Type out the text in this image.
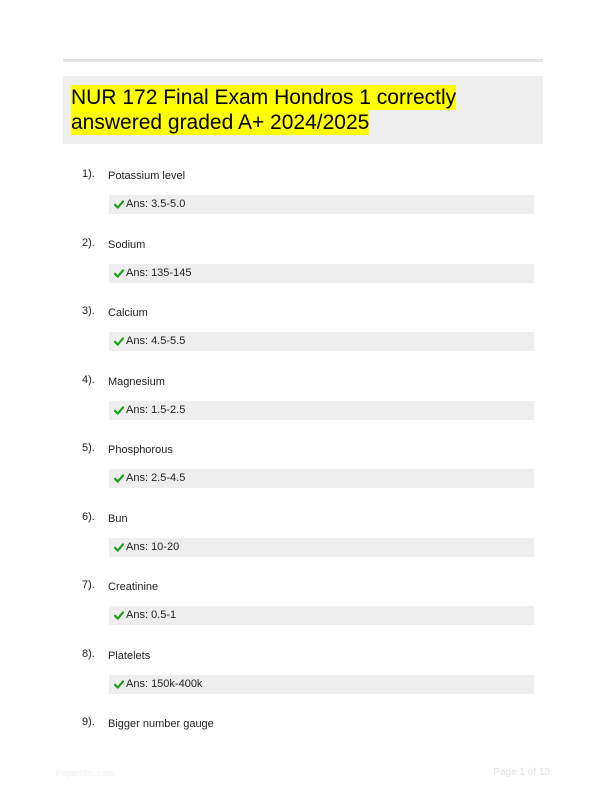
NUR 172 Final Exam Hondros 1 correctly answered graded A+ 2024/2025
1). Potassium level
Ans: 3.5-5.0
2). Sodium
Ans: 135-145
3). Calcium
Ans: 4.5-5.5
4). Magnesium
Ans: 1.5-2.5
5). Phosphorous
Ans: 2.5-4.5
6). Bun
Ans: 10-20
7). Creatinine
Ans: 0.5-1
8). Platelets
Ans: 150k-400k
9). Bigger number gauge
Paperbbc.com	Page 1 of 13
